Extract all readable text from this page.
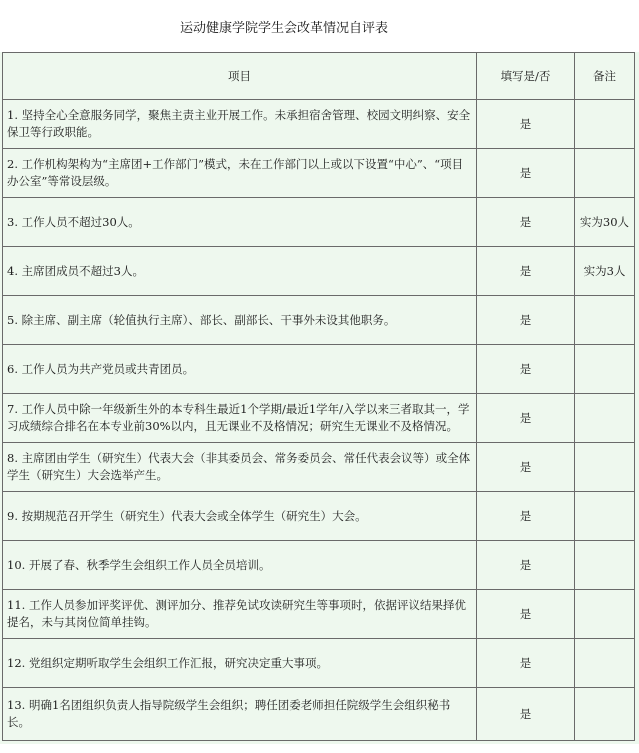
运动健康学院学生会改革情况自评表
项目	填写是/否	备注
1. 坚持全心全意服务同学，聚焦主责主业开展工作。未承担宿舍管理、校园文明纠察、安全保卫等行政职能。	是	
2. 工作机构架构为“主席团+工作部门”模式，未在工作部门以上或以下设置“中心”、“项目办公室”等常设层级。	是	
3. 工作人员不超过30人。	是	实为30人
4. 主席团成员不超过3人。	是	实为3人
5. 除主席、副主席（轮值执行主席）、部长、副部长、干事外未设其他职务。	是	
6. 工作人员为共产党员或共青团员。	是	
7. 工作人员中除一年级新生外的本专科生最近1个学期/最近1学年/入学以来三者取其一，学习成绩综合排名在本专业前30%以内，且无课业不及格情况；研究生无课业不及格情况。	是	
8. 主席团由学生（研究生）代表大会（非其委员会、常务委员会、常任代表会议等）或全体学生（研究生）大会选举产生。	是	
9. 按期规范召开学生（研究生）代表大会或全体学生（研究生）大会。	是	
10. 开展了春、秋季学生会组织工作人员全员培训。	是	
11. 工作人员参加评奖评优、测评加分、推荐免试攻读研究生等事项时，依据评议结果择优提名，未与其岗位简单挂钩。	是	
12. 党组织定期听取学生会组织工作汇报，研究决定重大事项。	是	
13. 明确1名团组织负责人指导院级学生会组织；聘任团委老师担任院级学生会组织秘书长。	是	
